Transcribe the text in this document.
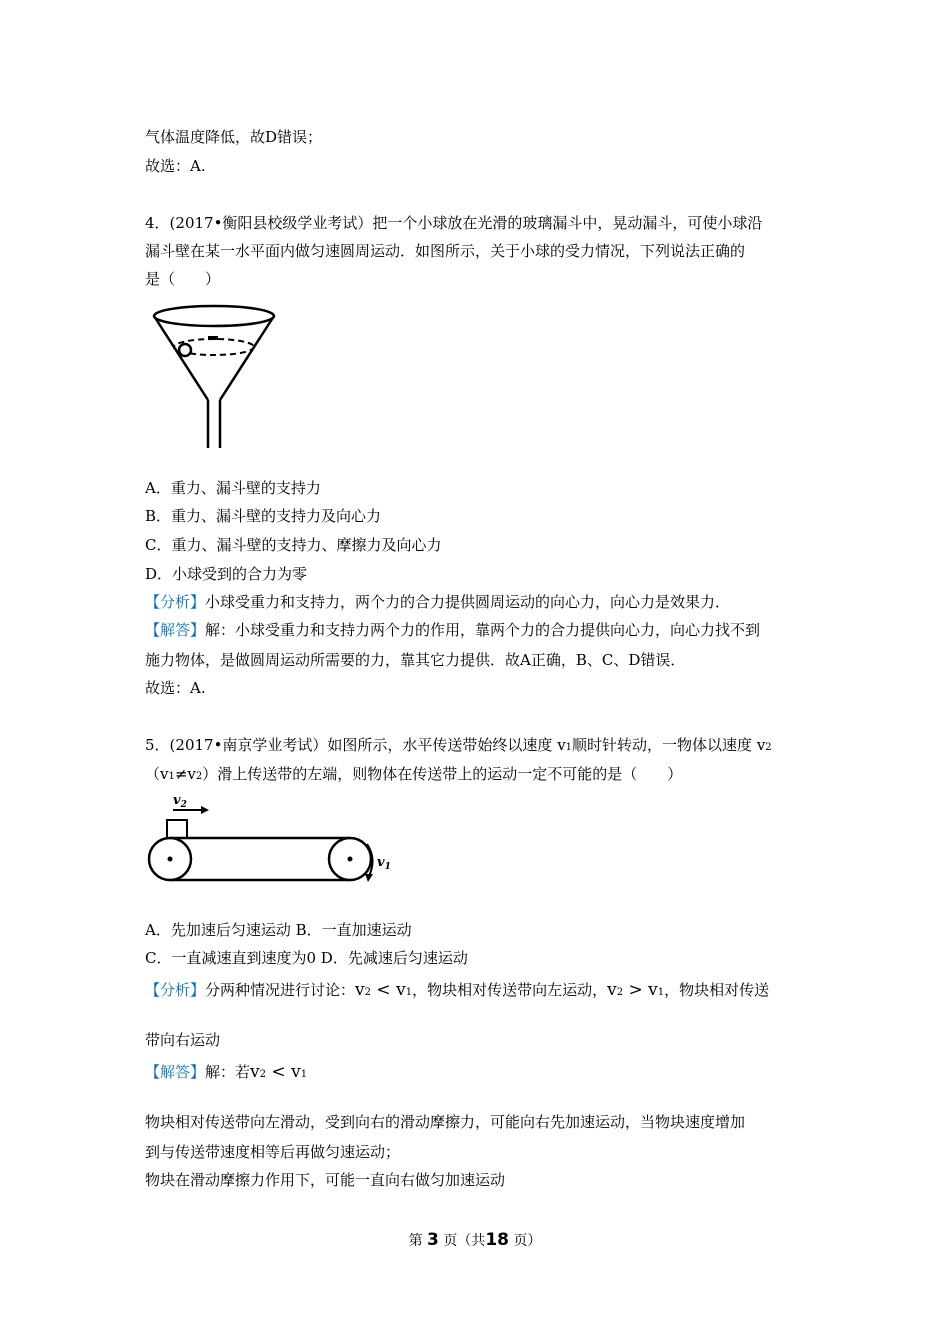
气体温度降低，故D错误；
故选：A.
4．(2017•衡阳县校级学业考试）把一个小球放在光滑的玻璃漏斗中，晃动漏斗，可使小球沿
漏斗壁在某一水平面内做匀速圆周运动．如图所示，关于小球的受力情况，下列说法正确的
是（　　）
A．重力、漏斗壁的支持力
B．重力、漏斗壁的支持力及向心力
C．重力、漏斗壁的支持力、摩擦力及向心力
D．小球受到的合力为零
【分析】小球受重力和支持力，两个力的合力提供圆周运动的向心力，向心力是效果力．
【解答】解：小球受重力和支持力两个力的作用，靠两个力的合力提供向心力，向心力找不到
施力物体，是做圆周运动所需要的力，靠其它力提供．故A正确，B、C、D错误．
故选：A.
5．(2017•南京学业考试）如图所示，水平传送带始终以速度 v1顺时针转动，一物体以速度 v2
（v1≠v2）滑上传送带的左端，则物体在传送带上的运动一定不可能的是（　　）
$v_2$
$v_1$
A．先加速后匀速运动 B．一直加速运动
C．一直减速直到速度为0 D．先减速后匀速运动
【分析】分两种情况进行讨论：v2 < v1，物块相对传送带向左运动，v2 > v1，物块相对传送
带向右运动
【解答】解：若v2 < v1
物块相对传送带向左滑动，受到向右的滑动摩擦力，可能向右先加速运动，当物块速度增加
到与传送带速度相等后再做匀速运动；
物块在滑动摩擦力作用下，可能一直向右做匀加速运动
第 3 页（共18 页）
